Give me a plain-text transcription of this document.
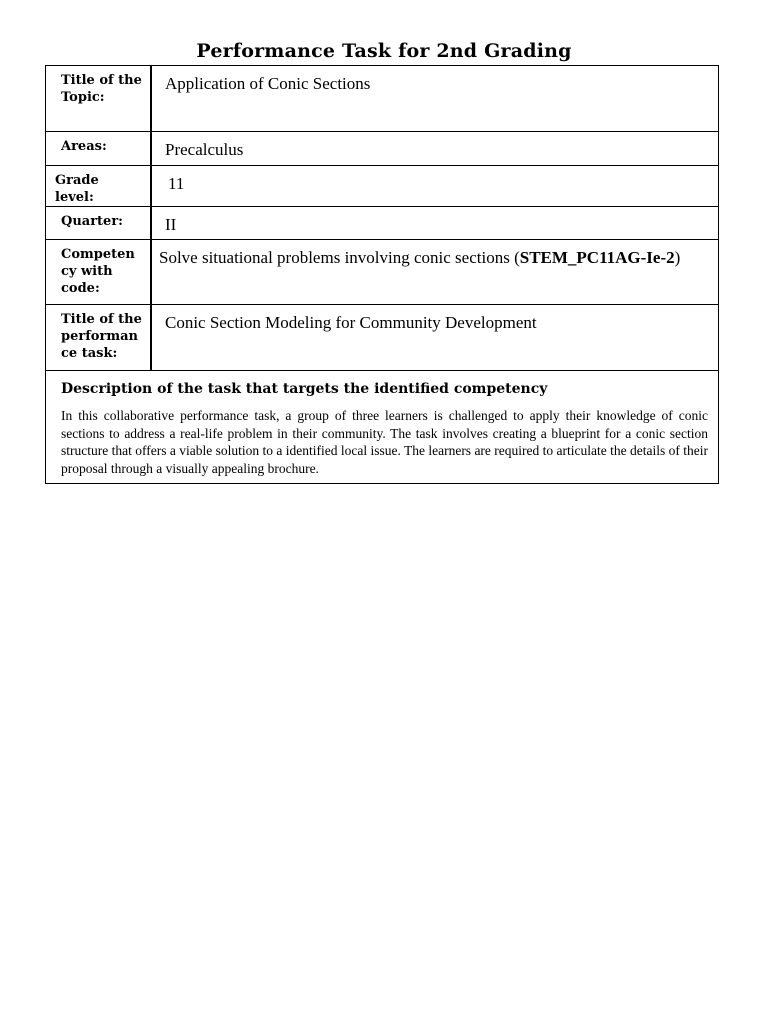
Performance Task for 2nd Grading
Title of the Topic:	Application of Conic Sections

Areas:	Precalculus

Grade level:	11

Quarter:	II

Competen cy with code:	Solve situational problems involving conic sections (STEM_PC11AG-Ie-2)

Title of the performan ce task:	Conic Section Modeling for Community Development

Description of the task that targets the identified competency
In this collaborative performance task, a group of three learners is challenged to apply their knowledge of conic sections to address a real-life problem in their community. The task involves creating a blueprint for a conic section structure that offers a viable solution to a identified local issue. The learners are required to articulate the details of their proposal through a visually appealing brochure.	
